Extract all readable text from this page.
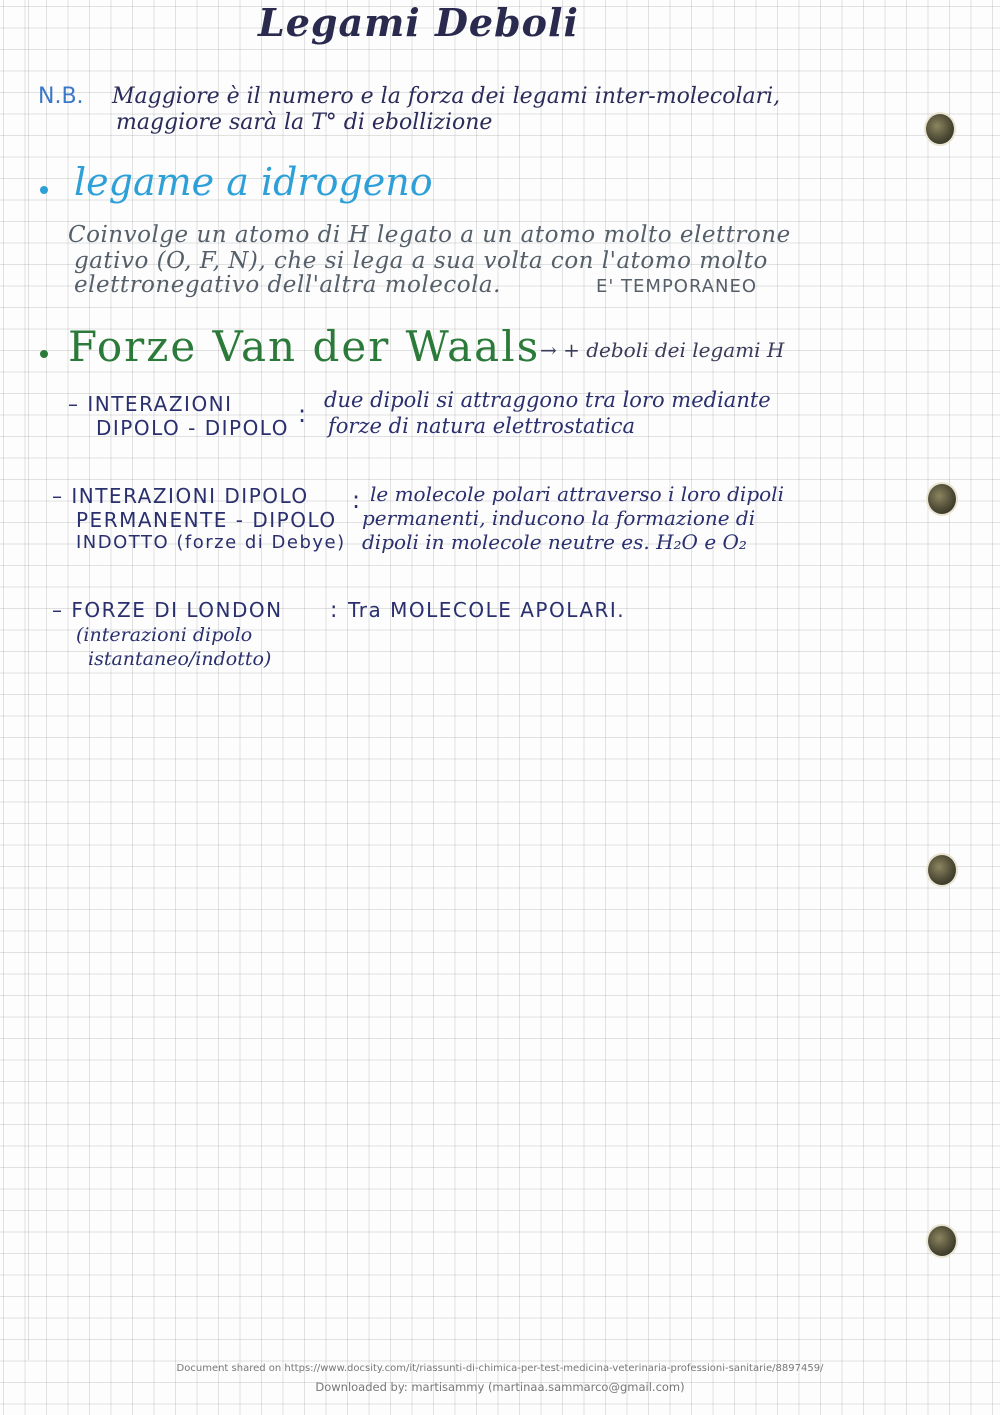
Legami Deboli
N.B. Maggiore è il numero e la forza dei legami inter-molecolari,
maggiore sarà la T° di ebollizione
legame a idrogeno
Coinvolge un atomo di H legato a un atomo molto elettrone
gativo (O, F, N), che si lega a sua volta con l'atomo molto
elettronegativo dell'altra molecola.	E' TEMPORANEO
Forze Van der Waals → + deboli dei legami H
– INTERAZIONI
DIPOLO - DIPOLO : due dipoli si attraggono tra loro mediante
forze di natura elettrostatica
– INTERAZIONI DIPOLO
PERMANENTE - DIPOLO
INDOTTO (forze di Debye)
: le molecole polari attraverso i loro dipoli
permanenti, inducono la formazione di
dipoli in molecole neutre es. H₂O e O₂
– FORZE DI LONDON : Tra MOLECOLE APOLARI.
(interazioni dipolo
istantaneo/indotto)
Document shared on https://www.docsity.com/it/riassunti-di-chimica-per-test-medicina-veterinaria-professioni-sanitarie/8897459/
Downloaded by: martisammy (martinaa.sammarco@gmail.com)
